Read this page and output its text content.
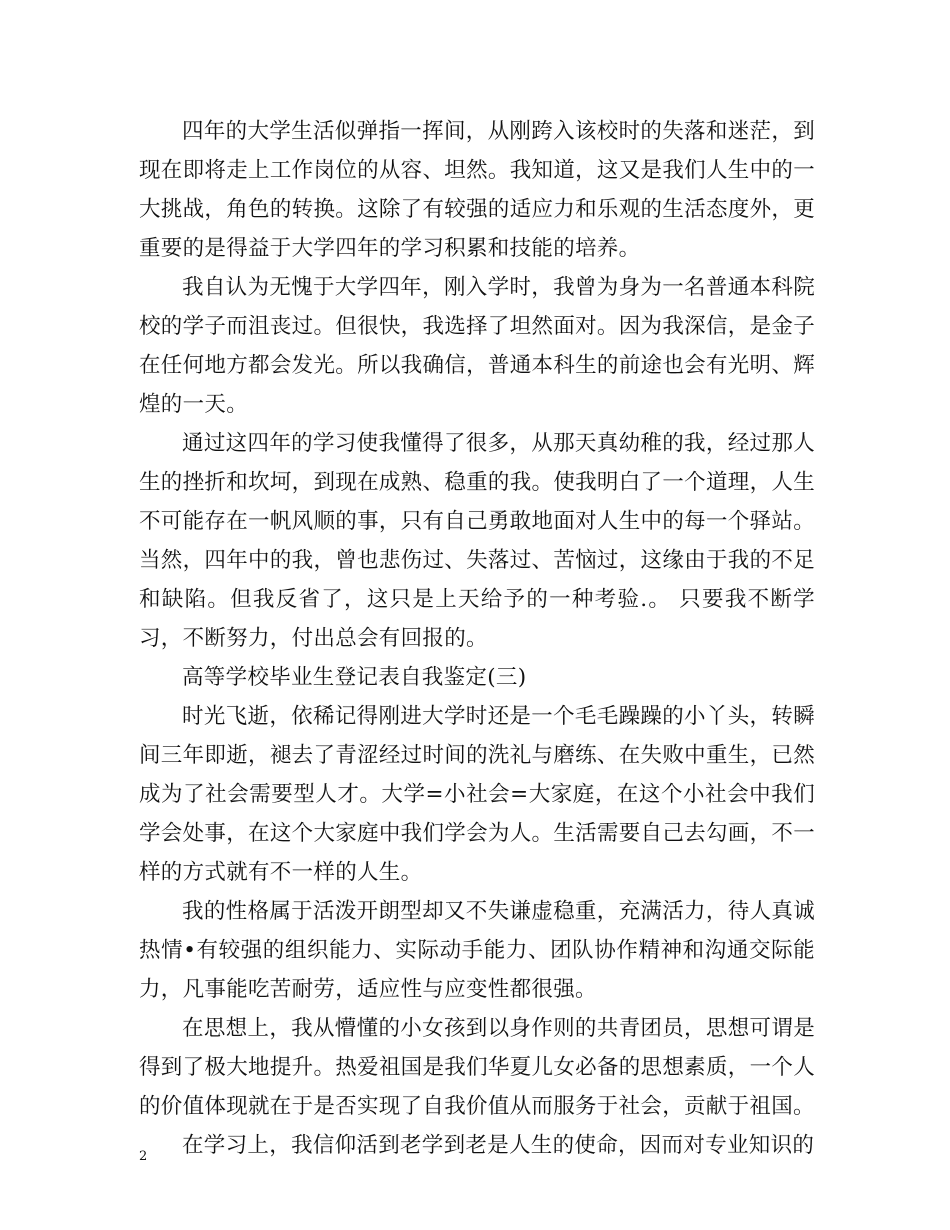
四年的大学生活似弹指一挥间，从刚跨入该校时的失落和迷茫，到现在即将走上工作岗位的从容、坦然。我知道，这又是我们人生中的一大挑战，角色的转换。这除了有较强的适应力和乐观的生活态度外，更重要的是得益于大学四年的学习积累和技能的培养。

我自认为无愧于大学四年，刚入学时，我曾为身为一名普通本科院校的学子而沮丧过。但很快，我选择了坦然面对。因为我深信，是金子在任何地方都会发光。所以我确信，普通本科生的前途也会有光明、辉煌的一天。

通过这四年的学习使我懂得了很多，从那天真幼稚的我，经过那人生的挫折和坎坷，到现在成熟、稳重的我。使我明白了一个道理，人生不可能存在一帆风顺的事，只有自己勇敢地面对人生中的每一个驿站。当然，四年中的我，曾也悲伤过、失落过、苦恼过，这缘由于我的不足和缺陷。但我反省了，这只是上天给予的一种考验.。 只要我不断学习，不断努力，付出总会有回报的。

高等学校毕业生登记表自我鉴定(三)

时光飞逝，依稀记得刚进大学时还是一个毛毛躁躁的小丫头，转瞬间三年即逝，褪去了青涩经过时间的洗礼与磨练、在失败中重生，已然成为了社会需要型人才。大学=小社会=大家庭，在这个小社会中我们学会处事，在这个大家庭中我们学会为人。生活需要自己去勾画，不一样的方式就有不一样的人生。

我的性格属于活泼开朗型却又不失谦虚稳重，充满活力，待人真诚热情•有较强的组织能力、实际动手能力、团队协作精神和沟通交际能力，凡事能吃苦耐劳，适应性与应变性都很强。

在思想上，我从懵懂的小女孩到以身作则的共青团员，思想可谓是得到了极大地提升。热爱祖国是我们华夏儿女必备的思想素质，一个人的价值体现就在于是否实现了自我价值从而服务于社会，贡献于祖国。

在学习上，我信仰活到老学到老是人生的使命，因而对专业知识的

2
